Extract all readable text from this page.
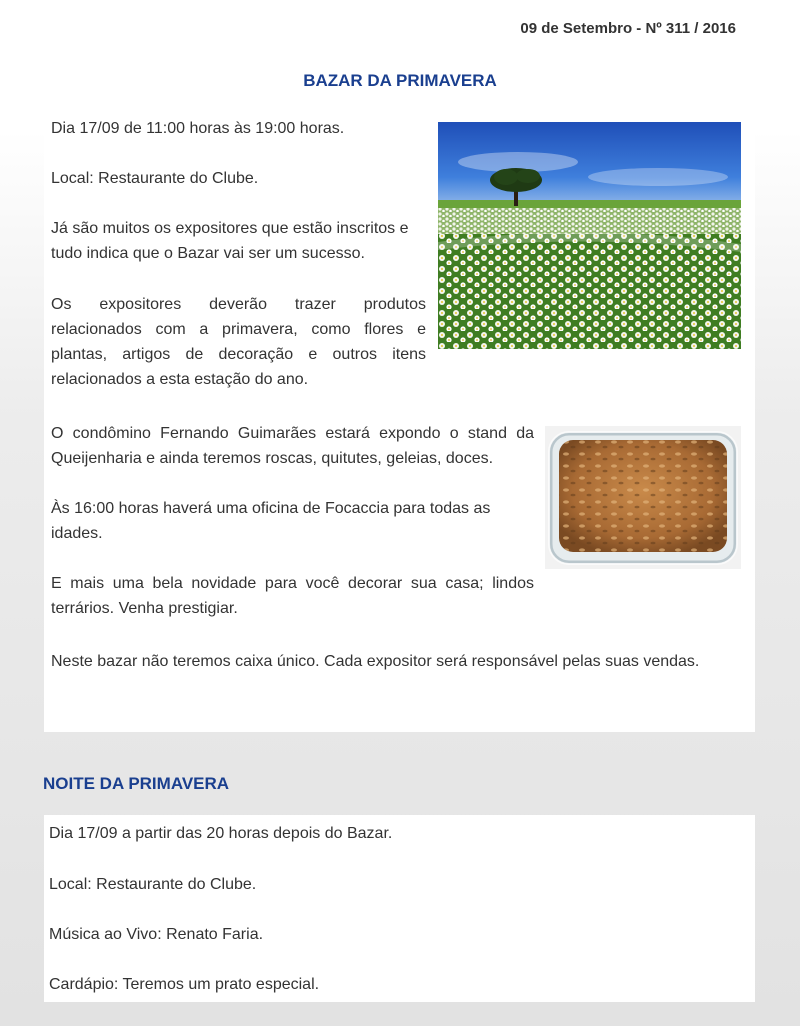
09 de Setembro - Nº 311 / 2016
BAZAR DA PRIMAVERA

Dia 17/09 de 11:00 horas às 19:00 horas.

Local: Restaurante do Clube.

Já são muitos os expositores que estão inscritos e tudo indica que o Bazar vai ser um sucesso.

Os expositores deverão trazer produtos relacionados com a primavera, como flores e plantas, artigos de decoração e outros itens relacionados a esta estação do ano.

O condômino Fernando Guimarães estará expondo o stand da Queijenharia e ainda teremos roscas, quitutes, geleias, doces.

Às 16:00 horas haverá uma oficina de Focaccia para todas as idades.

E mais uma bela novidade para você decorar sua casa; lindos terrários. Venha prestigiar.

Neste bazar não teremos caixa único. Cada expositor será responsável pelas suas vendas.

NOITE DA PRIMAVERA

Dia 17/09 a partir das 20 horas depois do Bazar.

Local: Restaurante do Clube.

Música ao Vivo: Renato Faria.

Cardápio: Teremos um prato especial.
